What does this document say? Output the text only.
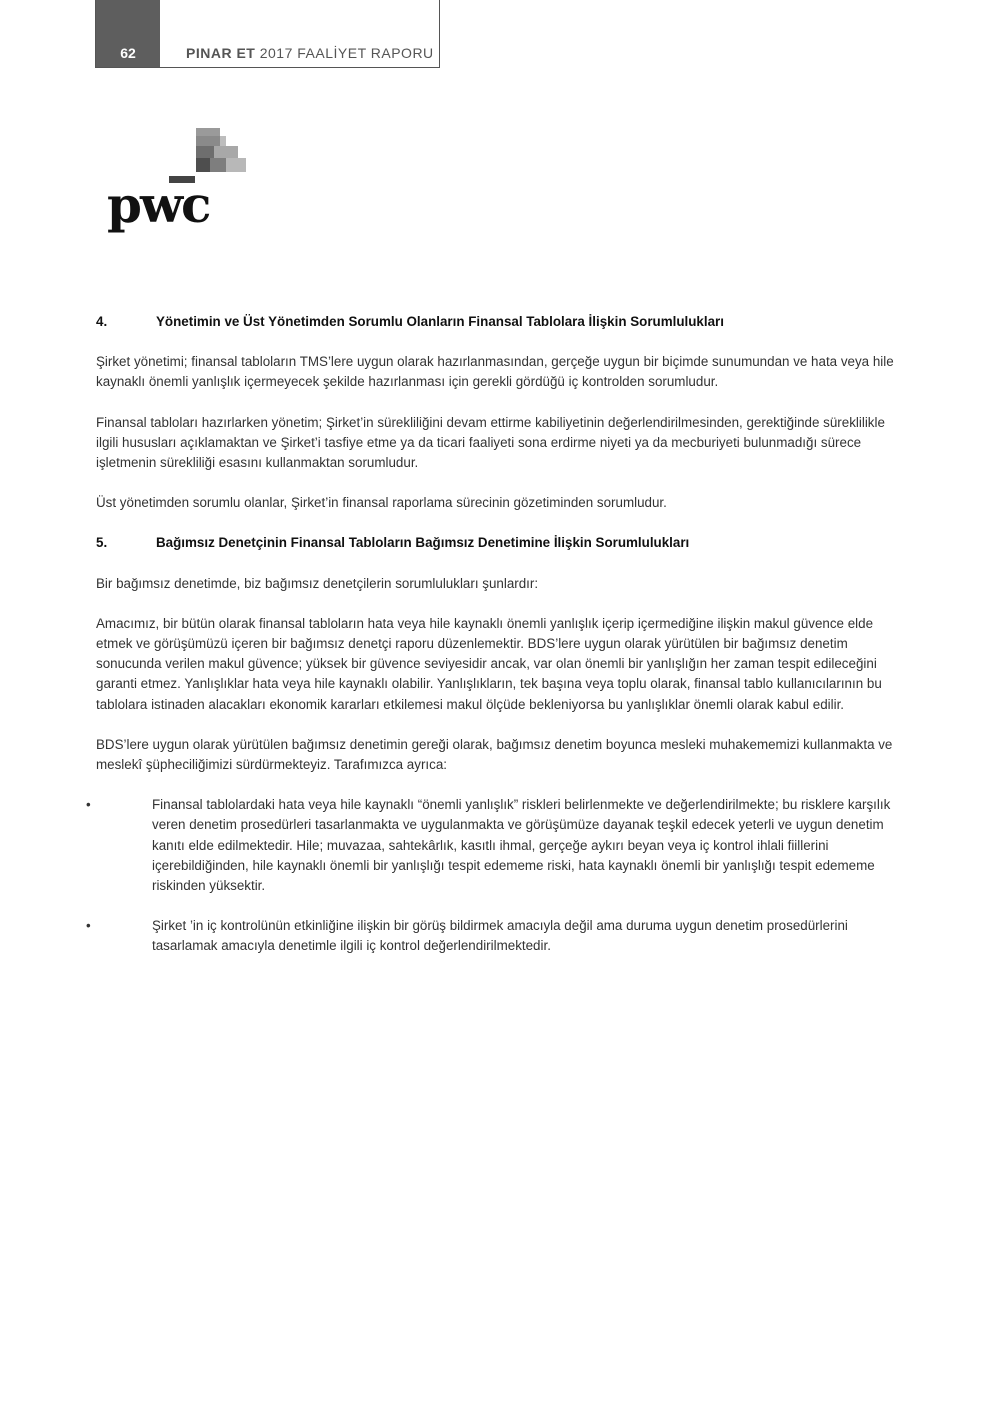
62	PINAR ET 2017 FAALİYET RAPORU
pwc
4.	Yönetimin ve Üst Yönetimden Sorumlu Olanların Finansal Tablolara İlişkin Sorumlulukları

Şirket yönetimi; finansal tabloların TMS’lere uygun olarak hazırlanmasından, gerçeğe uygun bir biçimde sunumundan ve hata veya hile kaynaklı önemli yanlışlık içermeyecek şekilde hazırlanması için gerekli gördüğü iç kontrolden sorumludur.

Finansal tabloları hazırlarken yönetim; Şirket’in sürekliliğini devam ettirme kabiliyetinin değerlendirilmesinden, gerektiğinde süreklilikle ilgili hususları açıklamaktan ve Şirket’i tasfiye etme ya da ticari faaliyeti sona erdirme niyeti ya da mecburiyeti bulunmadığı sürece işletmenin sürekliliği esasını kullanmaktan sorumludur.

Üst yönetimden sorumlu olanlar, Şirket’in finansal raporlama sürecinin gözetiminden sorumludur.

5.	Bağımsız Denetçinin Finansal Tabloların Bağımsız Denetimine İlişkin Sorumlulukları

Bir bağımsız denetimde, biz bağımsız denetçilerin sorumlulukları şunlardır:

Amacımız, bir bütün olarak finansal tabloların hata veya hile kaynaklı önemli yanlışlık içerip içermediğine ilişkin makul güvence elde etmek ve görüşümüzü içeren bir bağımsız denetçi raporu düzenlemektir. BDS’lere uygun olarak yürütülen bir bağımsız denetim sonucunda verilen makul güvence; yüksek bir güvence seviyesidir ancak, var olan önemli bir yanlışlığın her zaman tespit edileceğini garanti etmez. Yanlışlıklar hata veya hile kaynaklı olabilir. Yanlışlıkların, tek başına veya toplu olarak, finansal tablo kullanıcılarının bu tablolara istinaden alacakları ekonomik kararları etkilemesi makul ölçüde bekleniyorsa bu yanlışlıklar önemli olarak kabul edilir.

BDS’lere uygun olarak yürütülen bağımsız denetimin gereği olarak, bağımsız denetim boyunca mesleki muhakememizi kullanmakta ve meslekî şüpheciliğimizi sürdürmekteyiz. Tarafımızca ayrıca:

•	Finansal tablolardaki hata veya hile kaynaklı “önemli yanlışlık” riskleri belirlenmekte ve değerlendirilmekte; bu risklere karşılık veren denetim prosedürleri tasarlanmakta ve uygulanmakta ve görüşümüze dayanak teşkil edecek yeterli ve uygun denetim kanıtı elde edilmektedir. Hile; muvazaa, sahtekârlık, kasıtlı ihmal, gerçeğe aykırı beyan veya iç kontrol ihlali fiillerini içerebildiğinden, hile kaynaklı önemli bir yanlışlığı tespit edememe riski, hata kaynaklı önemli bir yanlışlığı tespit edememe riskinden yüksektir.
•	Şirket ’in iç kontrolünün etkinliğine ilişkin bir görüş bildirmek amacıyla değil ama duruma uygun denetim prosedürlerini tasarlamak amacıyla denetimle ilgili iç kontrol değerlendirilmektedir.
